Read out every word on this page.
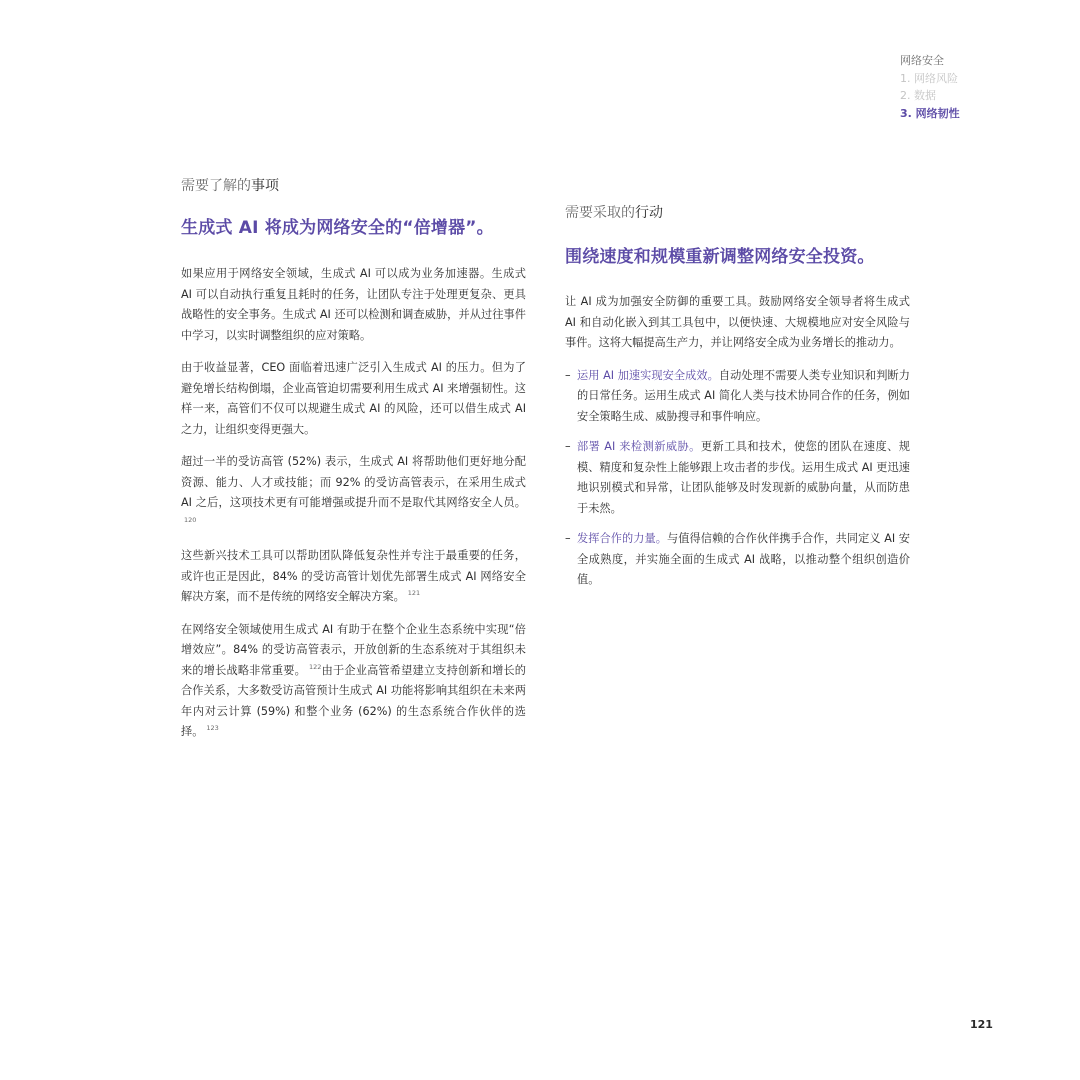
网络安全
1. 网络风险
2. 数据
3. 网络韧性

需要了解的事项

生成式 AI 将成为网络安全的“倍增器”。

如果应用于网络安全领域，生成式 AI 可以成为业务加速器。生成式 AI 可以自动执行重复且耗时的任务，让团队专注于处理更复杂、更具战略性的安全事务。生成式 AI 还可以检测和调查威胁，并从过往事件中学习，以实时调整组织的应对策略。

由于收益显著，CEO 面临着迅速广泛引入生成式 AI 的压力。但为了避免增长结构倒塌，企业高管迫切需要利用生成式 AI 来增强韧性。这样一来，高管们不仅可以规避生成式 AI 的风险，还可以借生成式 AI之力，让组织变得更强大。

超过一半的受访高管 (52%) 表示，生成式 AI 将帮助他们更好地分配资源、能力、人才或技能；而 92% 的受访高管表示，在采用生成式 AI 之后，这项技术更有可能增强或提升而不是取代其网络安全人员。$^{120}$

这些新兴技术工具可以帮助团队降低复杂性并专注于最重要的任务，或许也正是因此，84% 的受访高管计划优先部署生成式 AI 网络安全解决方案，而不是传统的网络安全解决方案。 $^{121}$

在网络安全领域使用生成式 AI 有助于在整个企业生态系统中实现“倍增效应”。84% 的受访高管表示，开放创新的生态系统对于其组织未来的增长战略非常重要。 $^{122}$由于企业高管希望建立支持创新和增长的合作关系，大多数受访高管预计生成式 AI 功能将影响其组织在未来两年内对云计算 (59%) 和整个业务 (62%) 的生态系统合作伙伴的选择。 $^{123}$

需要采取的行动

围绕速度和规模重新调整网络安全投资。

让 AI 成为加强安全防御的重要工具。鼓励网络安全领导者将生成式 AI 和自动化嵌入到其工具包中，以便快速、大规模地应对安全风险与事件。这将大幅提高生产力，并让网络安全成为业务增长的推动力。

– 运用 AI 加速实现安全成效。自动处理不需要人类专业知识和判断力的日常任务。运用生成式 AI 简化人类与技术协同合作的任务，例如安全策略生成、威胁搜寻和事件响应。
– 部署 AI 来检测新威胁。更新工具和技术，使您的团队在速度、规模、精度和复杂性上能够跟上攻击者的步伐。运用生成式 AI 更迅速地识别模式和异常，让团队能够及时发现新的威胁向量，从而防患于未然。
– 发挥合作的力量。与值得信赖的合作伙伴携手合作，共同定义 AI 安全成熟度，并实施全面的生成式 AI 战略，以推动整个组织创造价值。
121
